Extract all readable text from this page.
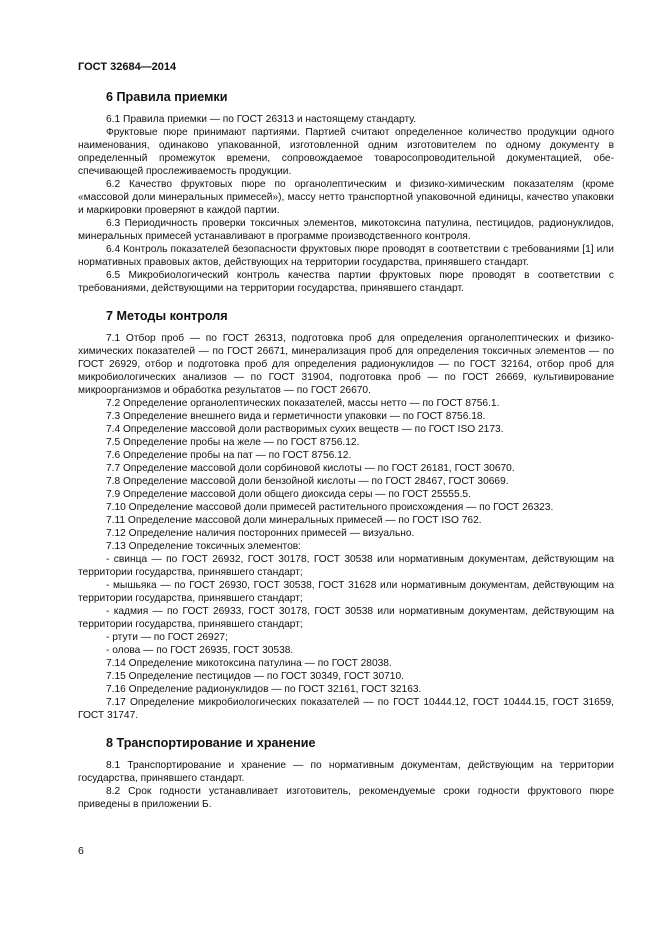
ГОСТ 32684—2014
6 Правила приемки

6.1 Правила приемки — по ГОСТ 26313 и настоящему стандарту.

Фруктовые пюре принимают партиями. Партией считают определенное количество продукции одного наименования, одинаково упакованной, изготовленной одним изготовителем по одному документу в определенный промежуток времени, сопровождаемое товаросопроводительной документацией, обеспечивающей прослеживаемость продукции.

6.2 Качество фруктовых пюре по органолептическим и физико-химическим показателям (кроме «массовой доли минеральных примесей»), массу нетто транспортной упаковочной единицы, качество упаковки и маркировки проверяют в каждой партии.

6.3 Периодичность проверки токсичных элементов, микотоксина патулина, пестицидов, радионуклидов, минеральных примесей устанавливают в программе производственного контроля.

6.4 Контроль показателей безопасности фруктовых пюре проводят в соответствии с требованиями [1] или нормативных правовых актов, действующих на территории государства, принявшего стандарт.

6.5 Микробиологический контроль качества партии фруктовых пюре проводят в соответствии с требованиями, действующими на территории государства, принявшего стандарт.

7 Методы контроля

7.1 Отбор проб — по ГОСТ 26313, подготовка проб для определения органолептических и физико-химических показателей — по ГОСТ 26671, минерализация проб для определения токсичных элементов — по ГОСТ 26929, отбор и подготовка проб для определения радионуклидов — по ГОСТ 32164, отбор проб для микробиологических анализов — по ГОСТ 31904, подготовка проб — по ГОСТ 26669, культивирование микроорганизмов и обработка результатов — по ГОСТ 26670.

7.2 Определение органолептических показателей, массы нетто — по ГОСТ 8756.1.

7.3 Определение внешнего вида и герметичности упаковки — по ГОСТ 8756.18.

7.4 Определение массовой доли растворимых сухих веществ — по ГОСТ ISO 2173.

7.5 Определение пробы на желе — по ГОСТ 8756.12.

7.6 Определение пробы на пат — по ГОСТ 8756.12.

7.7 Определение массовой доли сорбиновой кислоты — по ГОСТ 26181, ГОСТ 30670.

7.8 Определение массовой доли бензойной кислоты — по ГОСТ 28467, ГОСТ 30669.

7.9 Определение массовой доли общего диоксида серы — по ГОСТ 25555.5.

7.10 Определение массовой доли примесей растительного происхождения — по ГОСТ 26323.

7.11 Определение массовой доли минеральных примесей — по ГОСТ ISO 762.

7.12 Определение наличия посторонних примесей — визуально.

7.13 Определение токсичных элементов:

- свинца — по ГОСТ 26932, ГОСТ 30178, ГОСТ 30538 или нормативным документам, действующим на территории государства, принявшего стандарт;

- мышьяка — по ГОСТ 26930, ГОСТ 30538, ГОСТ 31628 или нормативным документам, действующим на территории государства, принявшего стандарт;

- кадмия — по ГОСТ 26933, ГОСТ 30178, ГОСТ 30538 или нормативным документам, действующим на территории государства, принявшего стандарт;

- ртути — по ГОСТ 26927;

- олова — по ГОСТ 26935, ГОСТ 30538.

7.14 Определение микотоксина патулина — по ГОСТ 28038.

7.15 Определение пестицидов — по ГОСТ 30349, ГОСТ 30710.

7.16 Определение радионуклидов — по ГОСТ 32161, ГОСТ 32163.

7.17 Определение микробиологических показателей — по ГОСТ 10444.12, ГОСТ 10444.15, ГОСТ 31659, ГОСТ 31747.

8 Транспортирование и хранение

8.1 Транспортирование и хранение — по нормативным документам, действующим на территории государства, принявшего стандарт.

8.2 Срок годности устанавливает изготовитель, рекомендуемые сроки годности фруктового пюре приведены в приложении Б.

6
